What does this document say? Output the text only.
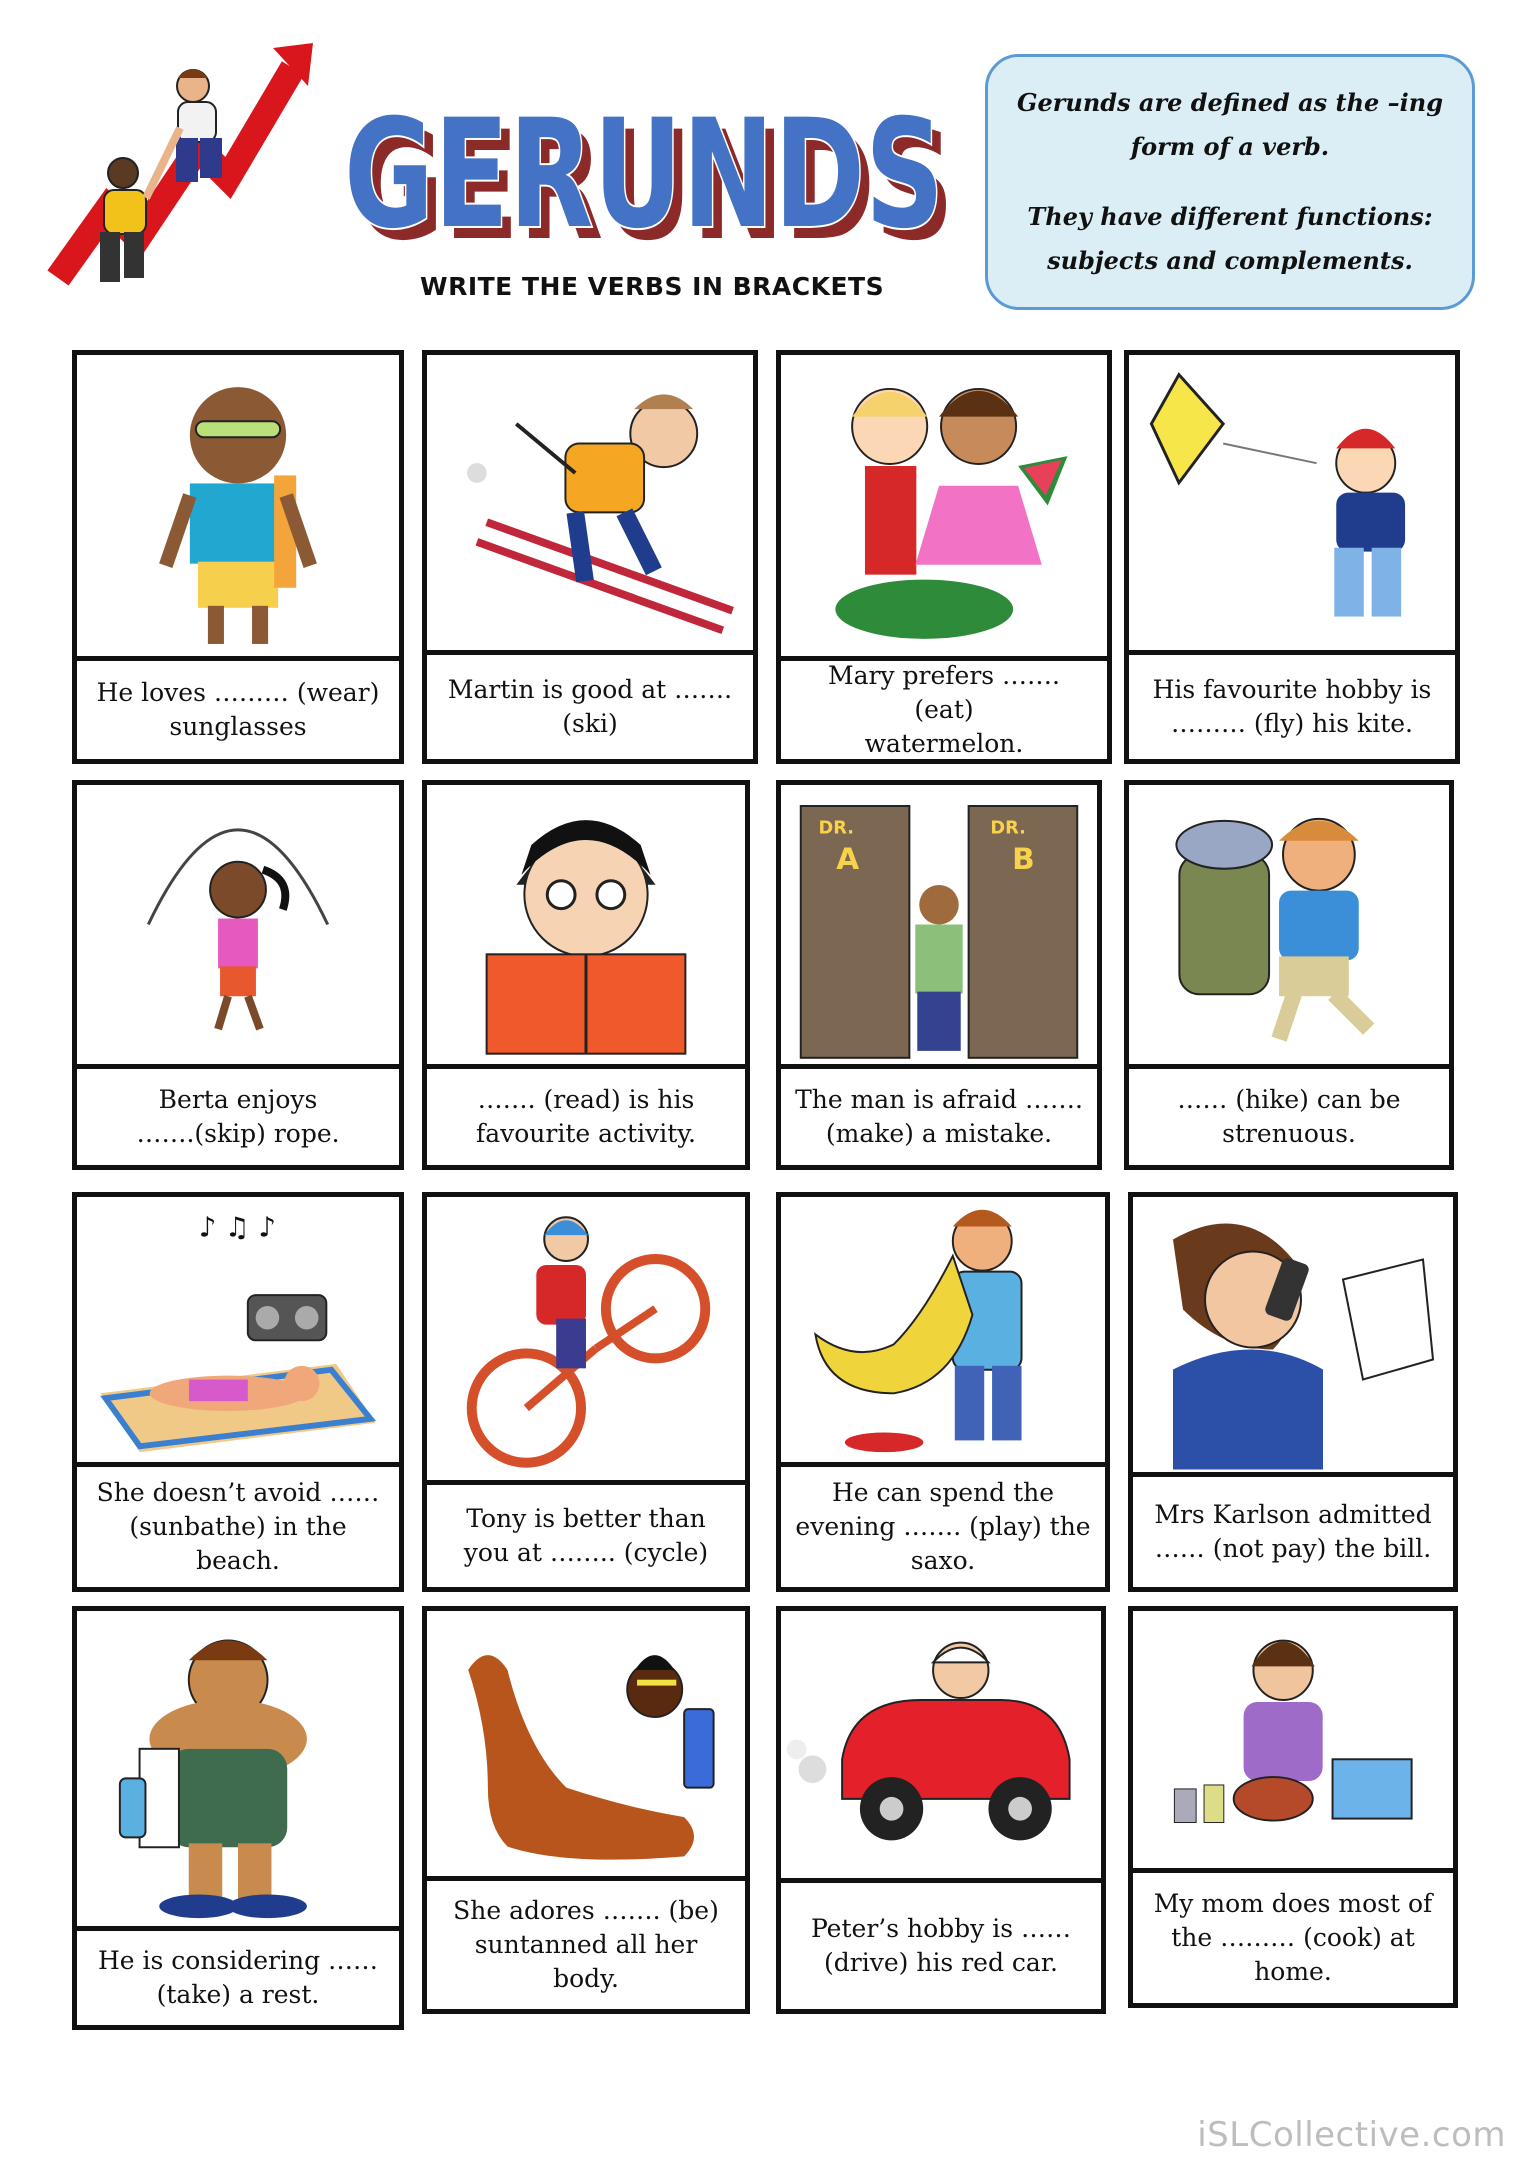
GERUNDS
GERUNDS
WRITE THE VERBS IN BRACKETS

Gerunds are defined as the –ing

form of a verb.

They have different functions:

subjects and complements.

He loves ……… (wear)
sunglasses
Martin is good at …….
(ski)
Mary prefers ……. (eat)
watermelon.
His favourite hobby is
……… (fly) his kite.
Berta enjoys
…….(skip) rope.
……. (read) is his
favourite activity.
DR.
A
DR.
B
The man is afraid …….
(make) a mistake.
…… (hike) can be
strenuous.
♪ ♫ ♪
She doesn’t avoid ……
(sunbathe) in the
beach.
Tony is better than
you at …….. (cycle)
He can spend the
evening ……. (play) the
saxo.
Mrs Karlson admitted
…… (not pay) the bill.
He is considering ……
(take) a rest.
She adores ……. (be)
suntanned all her
body.
Peter’s hobby is ……
(drive) his red car.
My mom does most of
the ……… (cook) at
home.
iSLCollective.com
